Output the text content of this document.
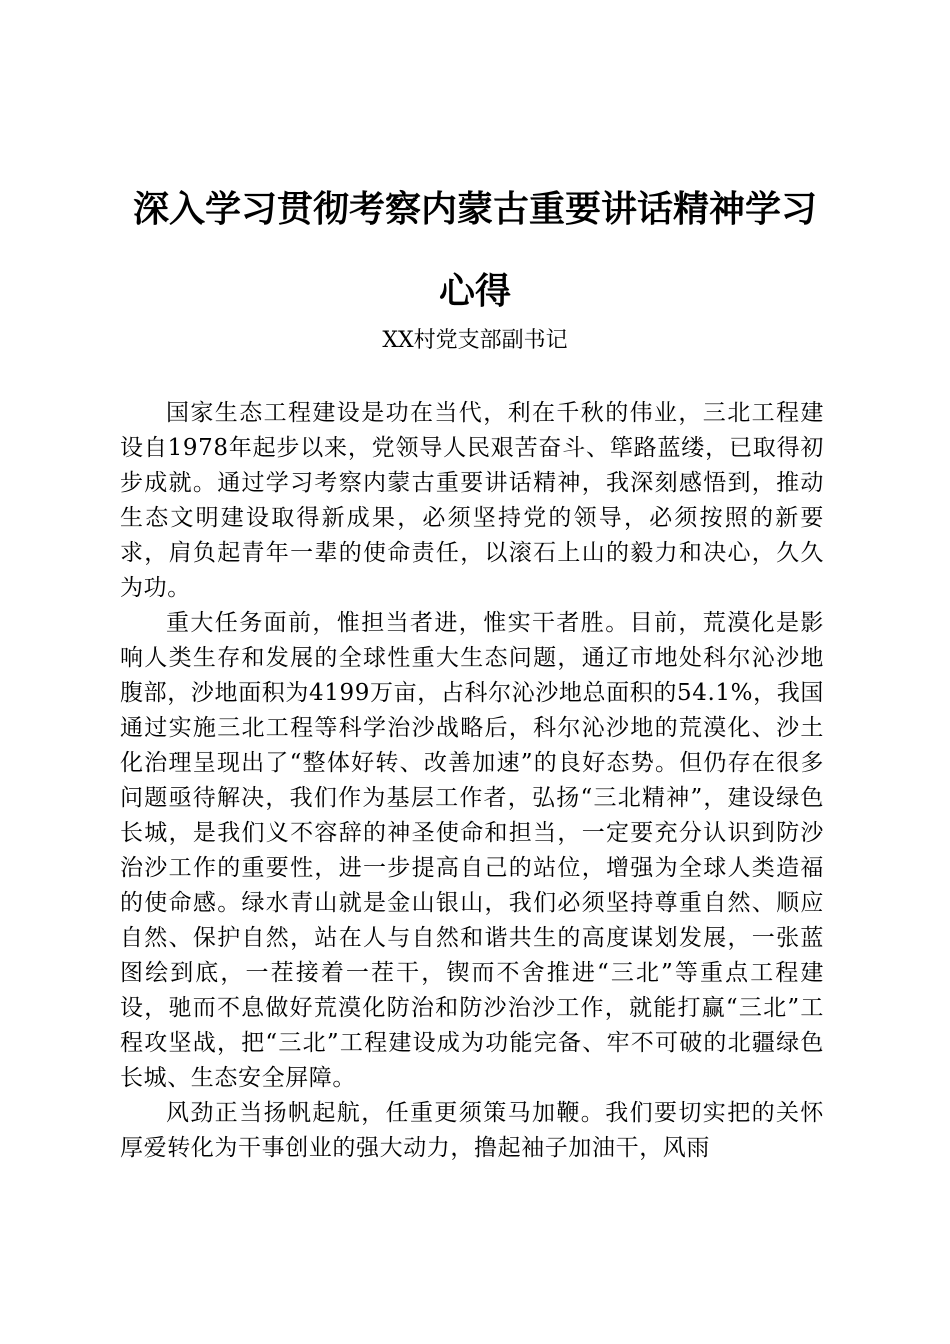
深入学习贯彻考察内蒙古重要讲话精神学习心得
XX村党支部副书记

国家生态工程建设是功在当代，利在千秋的伟业，三北工程建设自1978年起步以来，党领导人民艰苦奋斗、筚路蓝缕，已取得初步成就。通过学习考察内蒙古重要讲话精神，我深刻感悟到，推动生态文明建设取得新成果，必须坚持党的领导，必须按照的新要求，肩负起青年一辈的使命责任，以滚石上山的毅力和决心，久久为功。

重大任务面前，惟担当者进，惟实干者胜。目前，荒漠化是影响人类生存和发展的全球性重大生态问题，通辽市地处科尔沁沙地腹部，沙地面积为4199万亩，占科尔沁沙地总面积的54.1%，我国通过实施三北工程等科学治沙战略后，科尔沁沙地的荒漠化、沙土化治理呈现出了“整体好转、改善加速”的良好态势。但仍存在很多问题亟待解决，我们作为基层工作者，弘扬“三北精神”，建设绿色长城，是我们义不容辞的神圣使命和担当，一定要充分认识到防沙治沙工作的重要性，进一步提高自己的站位，增强为全球人类造福的使命感。绿水青山就是金山银山，我们必须坚持尊重自然、顺应自然、保护自然，站在人与自然和谐共生的高度谋划发展，一张蓝图绘到底，一茬接着一茬干，锲而不舍推进“三北”等重点工程建设，驰而不息做好荒漠化防治和防沙治沙工作，就能打赢“三北”工程攻坚战，把“三北”工程建设成为功能完备、牢不可破的北疆绿色长城、生态安全屏障。

风劲正当扬帆起航，任重更须策马加鞭。我们要切实把的关怀厚爱转化为干事创业的强大动力，撸起袖子加油干，风雨
